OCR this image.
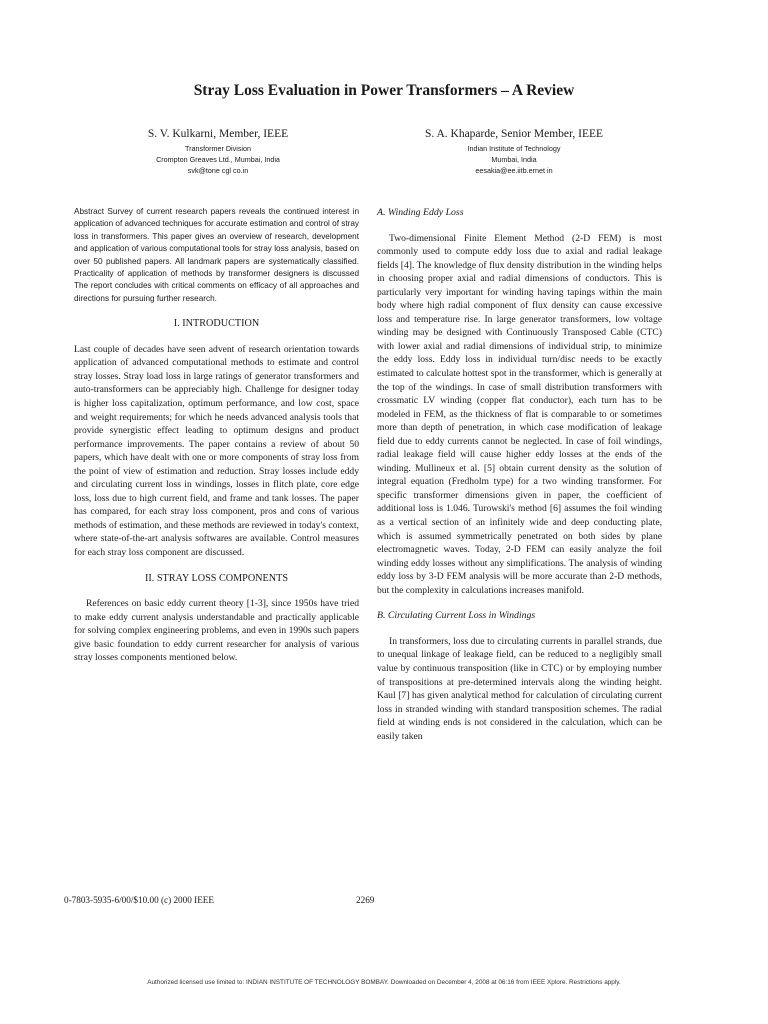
Stray Loss Evaluation in Power Transformers – A Review
S. V. Kulkarni, Member, IEEE
Transformer Division
Crompton Greaves Ltd., Mumbai, India
svk@tone cgl co.in
S. A. Khaparde, Senior Member, IEEE
Indian Institute of Technology
Mumbai, India
eesakia@ee.iitb.ernet in

Abstract Survey of current research papers reveals the continued interest in application of advanced techniques for accurate estimation and control of stray loss in transformers. This paper gives an overview of research, development and application of various computational tools for stray loss analysis, based on over 50 published papers. All landmark papers are systematically classified. Practicality of application of methods by transformer designers is discussed The report concludes with critical comments on efficacy of all approaches and directions for pursuing further research.

I. INTRODUCTION

Last couple of decades have seen advent of research orientation towards application of advanced computational methods to estimate and control stray losses. Stray load loss in large ratings of generator transformers and auto-transformers can be appreciably high. Challenge for designer today is higher loss capitalization, optimum performance, and low cost, space and weight requirements; for which he needs advanced analysis tools that provide synergistic effect leading to optimum designs and product performance improvements. The paper contains a review of about 50 papers, which have dealt with one or more components of stray loss from the point of view of estimation and reduction. Stray losses include eddy and circulating current loss in windings, losses in flitch plate, core edge loss, loss due to high current field, and frame and tank losses. The paper has compared, for each stray loss component, pros and cons of various methods of estimation, and these methods are reviewed in today's context, where state-of-the-art analysis softwares are available. Control measures for each stray loss component are discussed.

II. STRAY LOSS COMPONENTS

References on basic eddy current theory [1-3], since 1950s have tried to make eddy current analysis understandable and practically applicable for solving complex engineering problems, and even in 1990s such papers give basic foundation to eddy current researcher for analysis of various stray losses components mentioned below.

A. Winding Eddy Loss

Two-dimensional Finite Element Method (2-D FEM) is most commonly used to compute eddy loss due to axial and radial leakage fields [4]. The knowledge of flux density distribution in the winding helps in choosing proper axial and radial dimensions of conductors. This is particularly very important for winding having tapings within the main body where high radial component of flux density can cause excessive loss and temperature rise. In large generator transformers, low voltage winding may be designed with Continuously Transposed Cable (CTC) with lower axial and radial dimensions of individual strip, to minimize the eddy loss. Eddy loss in individual turn/disc needs to be exactly estimated to calculate hottest spot in the transformer, which is generally at the top of the windings. In case of small distribution transformers with crossmatic LV winding (copper flat conductor), each turn has to be modeled in FEM, as the thickness of flat is comparable to or sometimes more than depth of penetration, in which case modification of leakage field due to eddy currents cannot be neglected. In case of foil windings, radial leakage field will cause higher eddy losses at the ends of the winding. Mullineux et al. [5] obtain current density as the solution of integral equation (Fredholm type) for a two winding transformer. For specific transformer dimensions given in paper, the coefficient of additional loss is 1.046. Turowski's method [6] assumes the foil winding as a vertical section of an infinitely wide and deep conducting plate, which is assumed symmetrically penetrated on both sides by plane electromagnetic waves. Today, 2-D FEM can easily analyze the foil winding eddy losses without any simplifications. The analysis of winding eddy loss by 3-D FEM analysis will be more accurate than 2-D methods, but the complexity in calculations increases manifold.

B. Circulating Current Loss in Windings

In transformers, loss due to circulating currents in parallel strands, due to unequal linkage of leakage field, can be reduced to a negligibly small value by continuous transposition (like in CTC) or by employing number of transpositions at pre-determined intervals along the winding height. Kaul [7] has given analytical method for calculation of circulating current loss in stranded winding with standard transposition schemes. The radial field at winding ends is not considered in the calculation, which can be easily taken

0-7803-5935-6/00/$10.00 (c) 2000 IEEE	2269
Authorized licensed use limited to: INDIAN INSTITUTE OF TECHNOLOGY BOMBAY. Downloaded on December 4, 2008 at 06:16 from IEEE Xplore. Restrictions apply.
